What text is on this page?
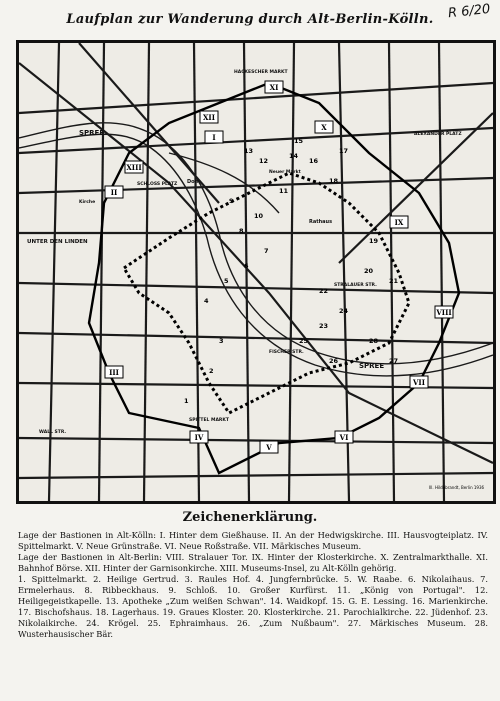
Laufplan zur Wanderung durch Alt-Berlin-Kölln.	R 6/20
SPREE
SPREE
UNTER DEN LINDEN
HACKESCHER MARKT
ALEXANDER PLATZ
SCHLOSS PLATZ Dom
Rathaus
Neuer Markt
STRALAUER STR.
FISCHER STR.
SPITTEL MARKT
WALL STR.
Kirche
I
II
III
IV
V
VI
VII
VIII
IX
X
XI
XII
XIII
1
2
3
4
5
6
7
8
9
10
11
12
13
14
15
16
17
18
19
20
21
22
23
24
25
26	27
28
Ill. Hildebrandt, Berlin 1936
Zeichenerklärung.

Lage der Bastionen in Alt-Kölln: I. Hinter dem Gießhause. II. An der Hedwigskirche. III. Hausvogteiplatz. IV. Spittelmarkt. V. Neue Grünstraße. VI. Neue Roßstraße. VII. Märkisches Museum.

Lage der Bastionen in Alt-Berlin: VIII. Stralauer Tor. IX. Hinter der Klosterkirche. X. Zentralmarkthalle. XI. Bahnhof Börse. XII. Hinter der Garnisonkirche. XIII. Museums-Insel, zu Alt-Kölln gehörig.

1. Spittelmarkt. 2. Heilige Gertrud. 3. Raules Hof. 4. Jungfernbrücke. 5. W. Raabe. 6. Nikolaihaus. 7. Ermelerhaus. 8. Ribbeckhaus. 9. Schloß. 10. Großer Kurfürst. 11. „König von Portugal". 12. Heiligegeistkapelle. 13. Apotheke „Zum weißen Schwan". 14. Waidkopf. 15. G. E. Lessing. 16. Marienkirche. 17. Bischofshaus. 18. Lagerhaus. 19. Graues Kloster. 20. Klosterkirche. 21. Parochialkirche. 22. Jüdenhof. 23. Nikolaikirche. 24. Krögel. 25. Ephraimhaus. 26. „Zum Nußbaum". 27. Märkisches Museum. 28. Wusterhausischer Bär.
